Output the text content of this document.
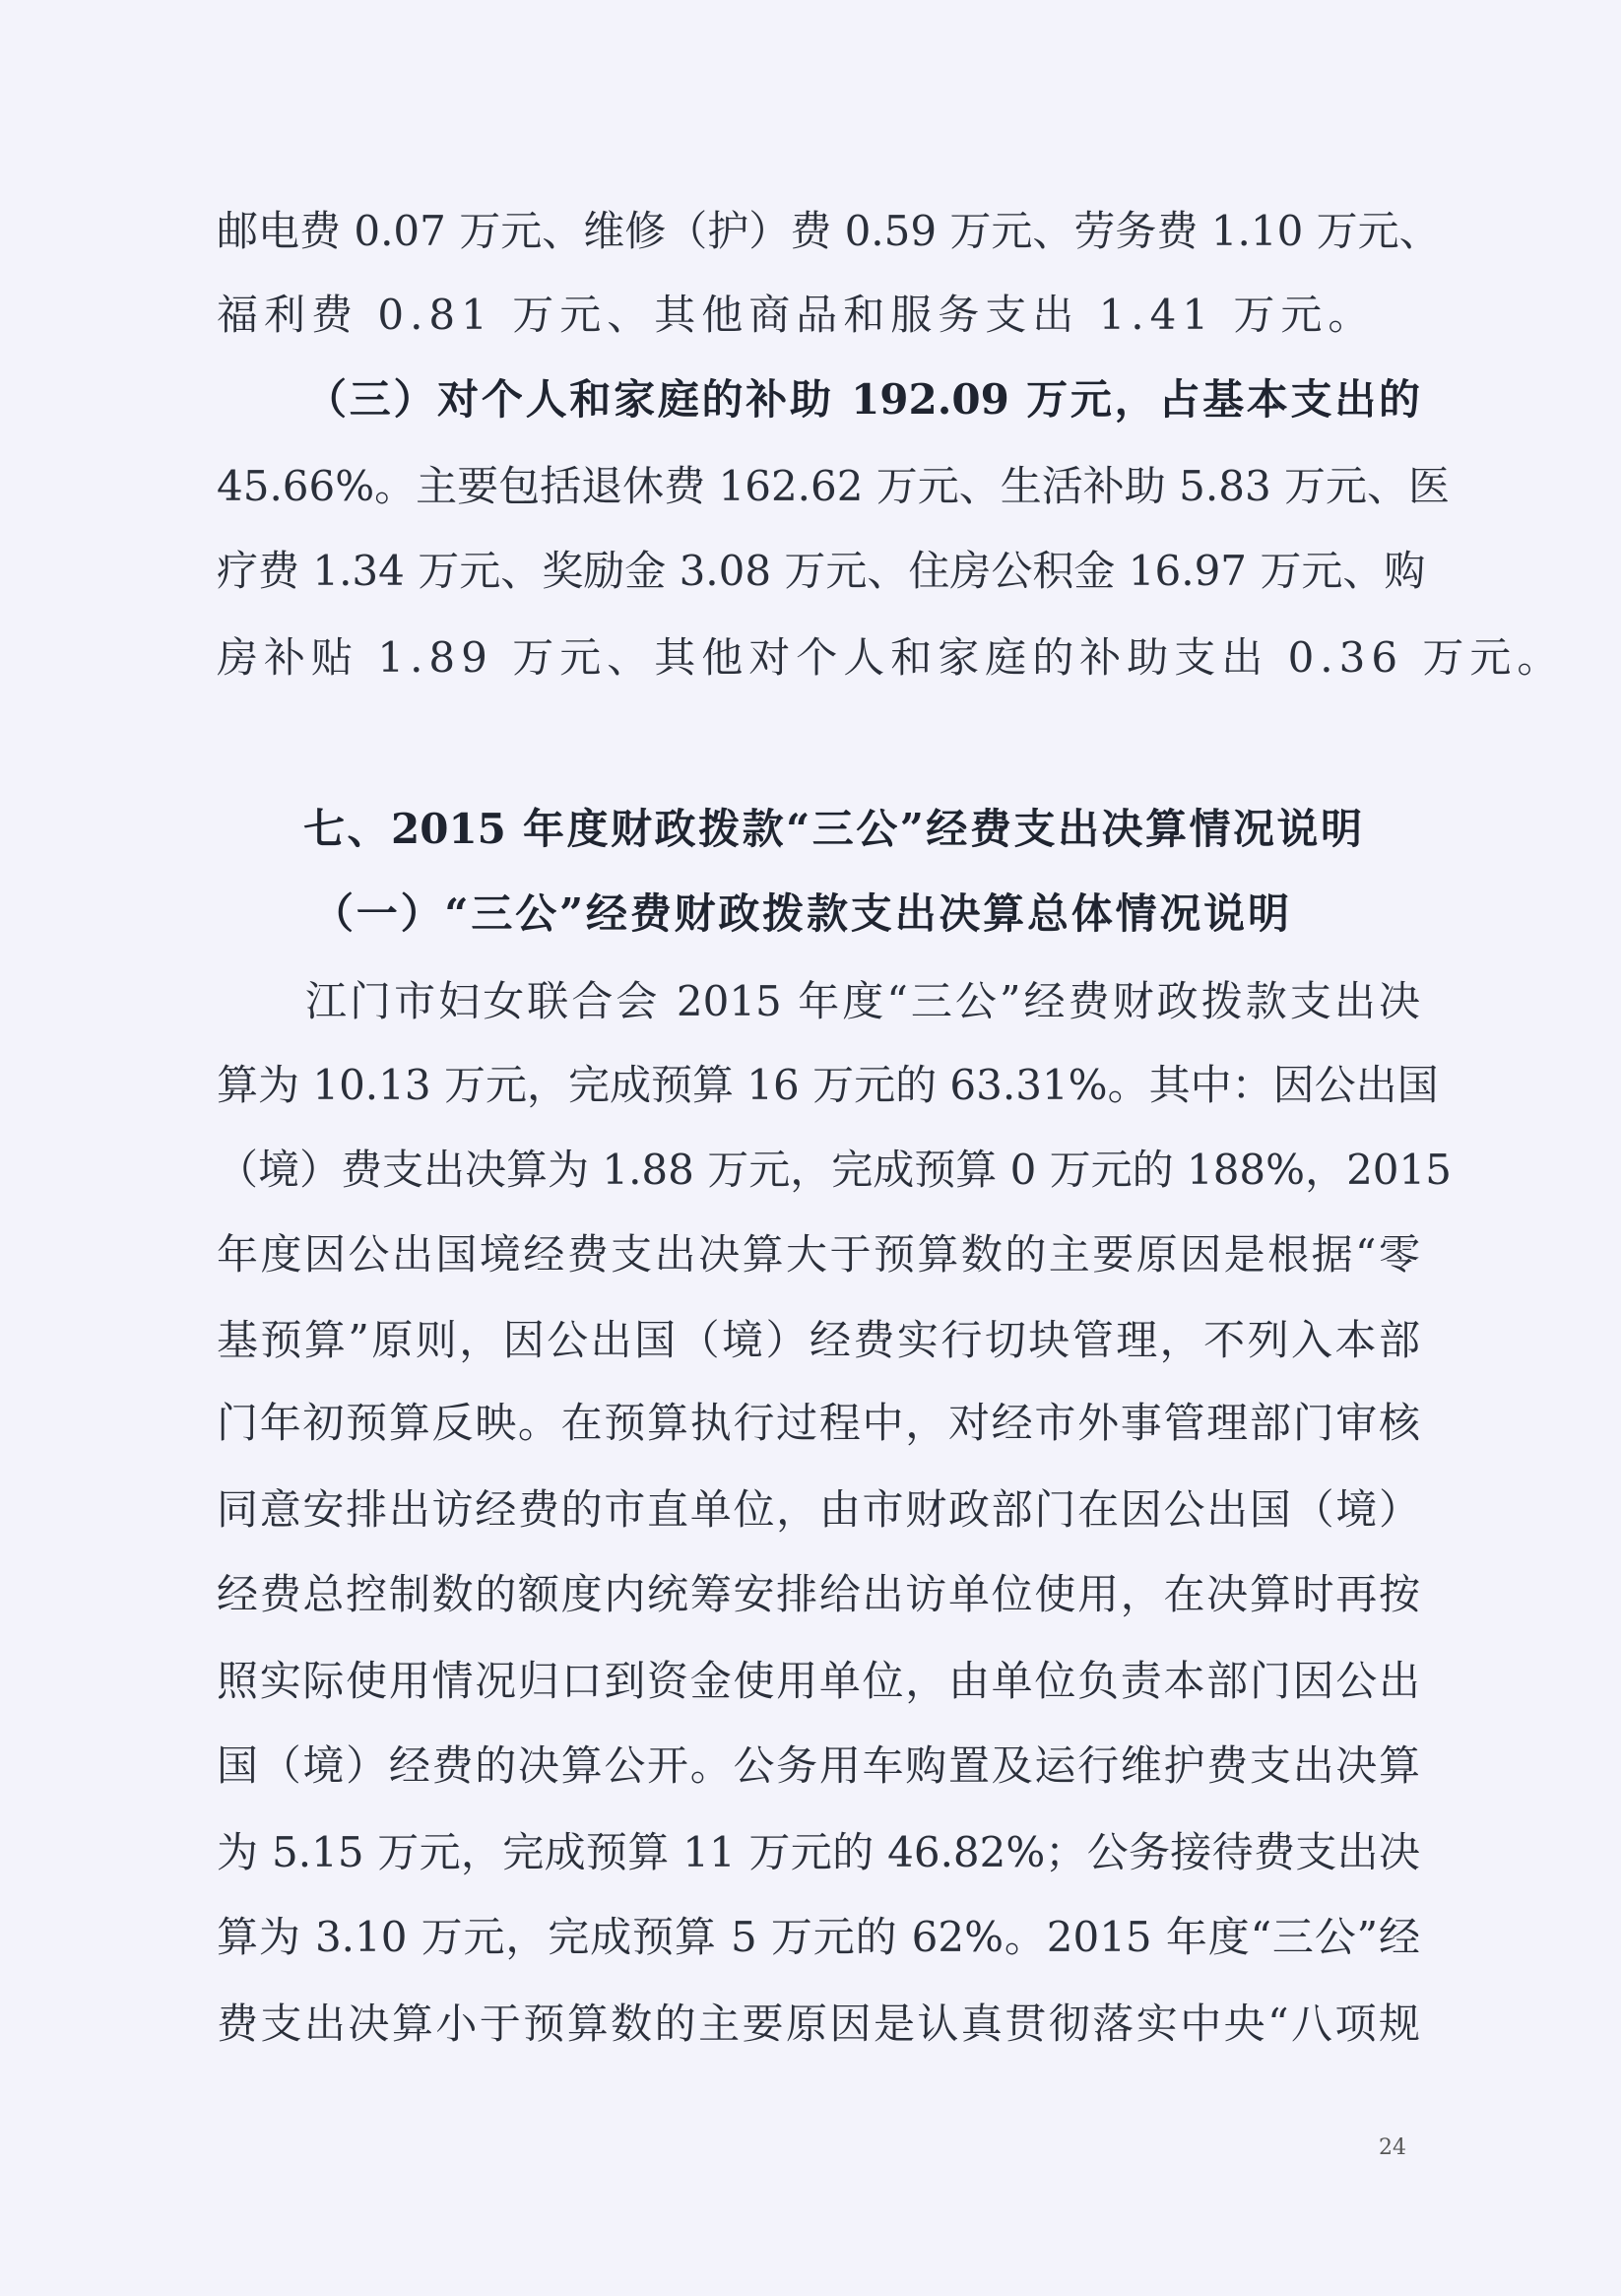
七、2015 年度财政拨款“三公”经费支出决算情况说明
（一）“三公”经费财政拨款支出决算总体情况说明
24
邮电费 0.07 万元、维修（护）费 0.59 万元、劳务费 1.10 万元、
福利费 0.81 万元、其他商品和服务支出 1.41 万元。
（三）对个人和家庭的补助 192.09 万元，占基本支出的
45.66%。主要包括退休费 162.62 万元、生活补助 5.83 万元、医
疗费 1.34 万元、奖励金 3.08 万元、住房公积金 16.97 万元、购
房补贴 1.89 万元、其他对个人和家庭的补助支出 0.36 万元。
江门市妇女联合会 2015 年度“三公”经费财政拨款支出决
算为 10.13 万元，完成预算 16 万元的 63.31%。其中：因公出国
（境）费支出决算为 1.88 万元，完成预算 0 万元的 188%，2015
年度因公出国境经费支出决算大于预算数的主要原因是根据“零
基预算”原则，因公出国（境）经费实行切块管理，不列入本部
门年初预算反映。在预算执行过程中，对经市外事管理部门审核
同意安排出访经费的市直单位，由市财政部门在因公出国（境）
经费总控制数的额度内统筹安排给出访单位使用，在决算时再按
照实际使用情况归口到资金使用单位，由单位负责本部门因公出
国（境）经费的决算公开。公务用车购置及运行维护费支出决算
为 5.15 万元，完成预算 11 万元的 46.82%；公务接待费支出决
算为 3.10 万元，完成预算 5 万元的 62%。2015 年度“三公”经
费支出决算小于预算数的主要原因是认真贯彻落实中央“八项规
